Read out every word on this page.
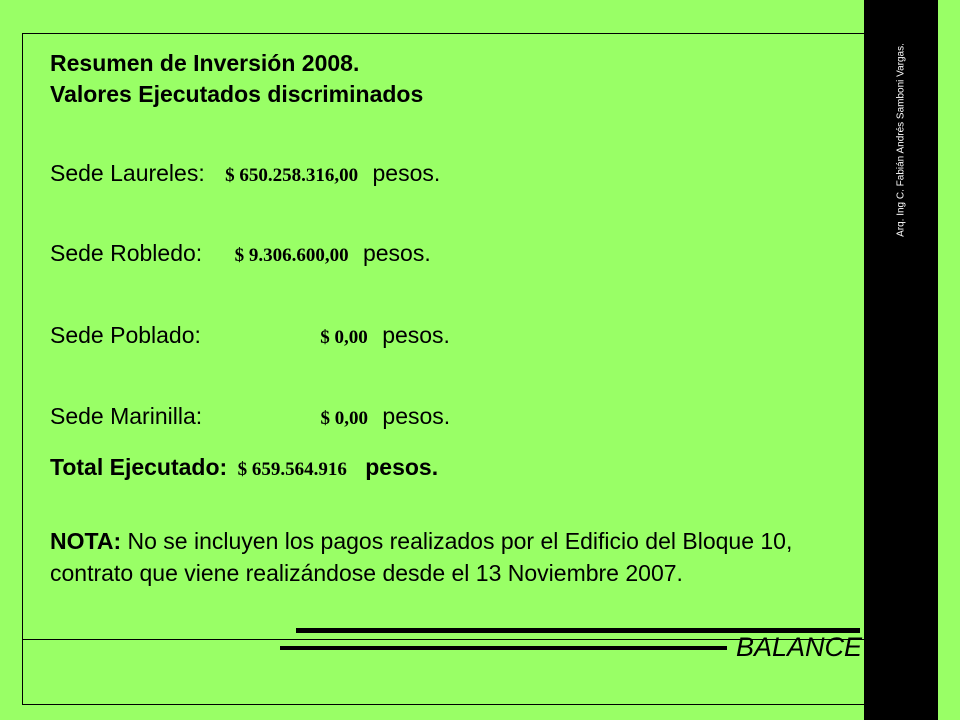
Arq. Ing C. Fabián Andrés Samboni Vargas.
Resumen de Inversión 2008.
Valores Ejecutados discriminados
Sede Laureles: $ 650.258.316,00 pesos.
Sede Robledo: $ 9.306.600,00 pesos.
Sede Poblado:	$ 0,00 pesos.
Sede Marinilla:	$ 0,00 pesos.
Total Ejecutado: $ 659.564.916 pesos.
NOTA: No se incluyen los pagos realizados por el Edificio del Bloque 10, contrato que viene realizándose desde el 13 Noviembre 2007.
BALANCE 2008
